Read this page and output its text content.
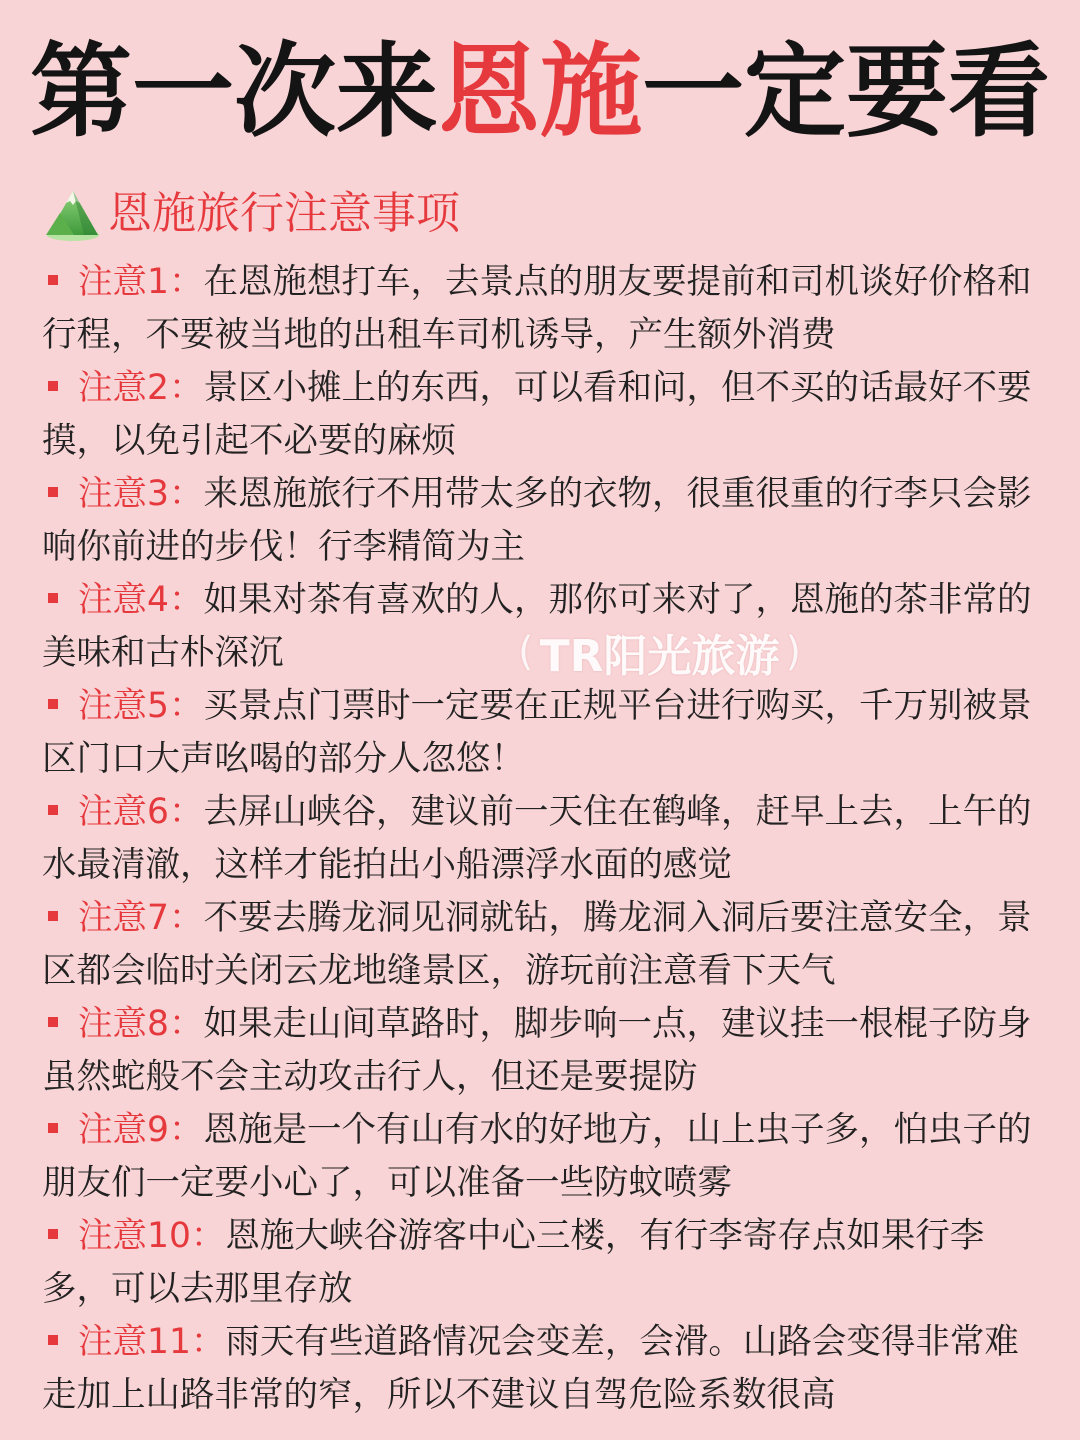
第一次来恩施一定要看
恩施旅行注意事项
注意1：在恩施想打车，去景点的朋友要提前和司机谈好价格和行程，不要被当地的出租车司机诱导，产生额外消费
注意2：景区小摊上的东西，可以看和问，但不买的话最好不要摸，以免引起不必要的麻烦
注意3：来恩施旅行不用带太多的衣物，很重很重的行李只会影响你前进的步伐！行李精简为主
注意4：如果对茶有喜欢的人，那你可来对了，恩施的茶非常的美味和古朴深沉
注意5：买景点门票时一定要在正规平台进行购买，千万别被景区门口大声吆喝的部分人忽悠！
注意6：去屏山峡谷，建议前一天住在鹤峰，赶早上去，上午的水最清澈，这样才能拍出小船漂浮水面的感觉
注意7：不要去腾龙洞见洞就钻，腾龙洞入洞后要注意安全，景区都会临时关闭云龙地缝景区，游玩前注意看下天气
注意8：如果走山间草路时，脚步响一点，建议挂一根棍子防身虽然蛇般不会主动攻击行人，但还是要提防
注意9：恩施是一个有山有水的好地方，山上虫子多，怕虫子的朋友们一定要小心了，可以准备一些防蚊喷雾
注意10：恩施大峡谷游客中心三楼，有行李寄存点如果行李多，可以去那里存放
注意11：雨天有些道路情况会变差，会滑。山路会变得非常难走加上山路非常的窄，所以不建议自驾危险系数很高
( TR阳光旅游 )
